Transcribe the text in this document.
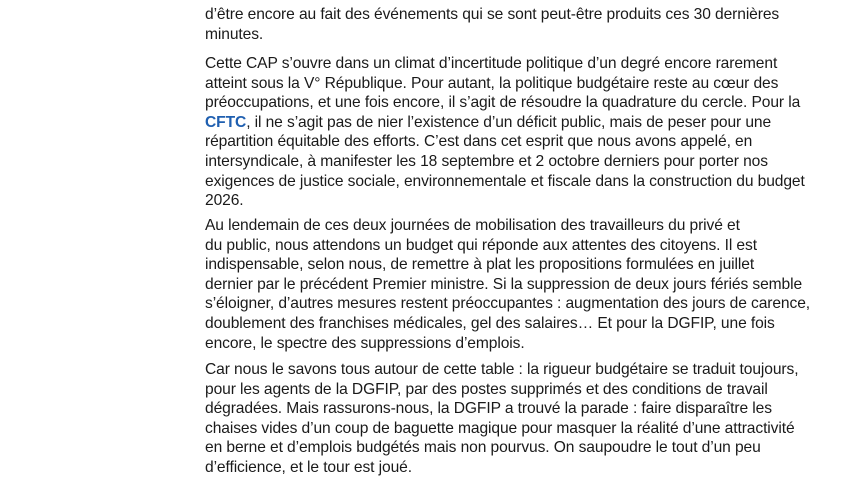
d’être encore au fait des événements qui se sont peut-être produits ces 30 dernières
minutes.

Cette CAP s’ouvre dans un climat d’incertitude politique d’un degré encore rarement
atteint sous la V° République. Pour autant, la politique budgétaire reste au cœur des
préoccupations, et une fois encore, il s’agit de résoudre la quadrature du cercle. Pour la
CFTC, il ne s’agit pas de nier l’existence d’un déficit public, mais de peser pour une
répartition équitable des efforts. C’est dans cet esprit que nous avons appelé, en
intersyndicale, à manifester les 18 septembre et 2 octobre derniers pour porter nos
exigences de justice sociale, environnementale et fiscale dans la construction du budget
2026.

Au lendemain de ces deux journées de mobilisation des travailleurs du privé et
du public, nous attendons un budget qui réponde aux attentes des citoyens. Il est
indispensable, selon nous, de remettre à plat les propositions formulées en juillet
dernier par le précédent Premier ministre. Si la suppression de deux jours fériés semble
s’éloigner, d’autres mesures restent préoccupantes : augmentation des jours de carence,
doublement des franchises médicales, gel des salaires… Et pour la DGFIP, une fois
encore, le spectre des suppressions d’emplois.

Car nous le savons tous autour de cette table : la rigueur budgétaire se traduit toujours,
pour les agents de la DGFIP, par des postes supprimés et des conditions de travail
dégradées. Mais rassurons-nous, la DGFIP a trouvé la parade : faire disparaître les
chaises vides d’un coup de baguette magique pour masquer la réalité d’une attractivité
en berne et d’emplois budgétés mais non pourvus. On saupoudre le tout d’un peu
d’efficience, et le tour est joué.
